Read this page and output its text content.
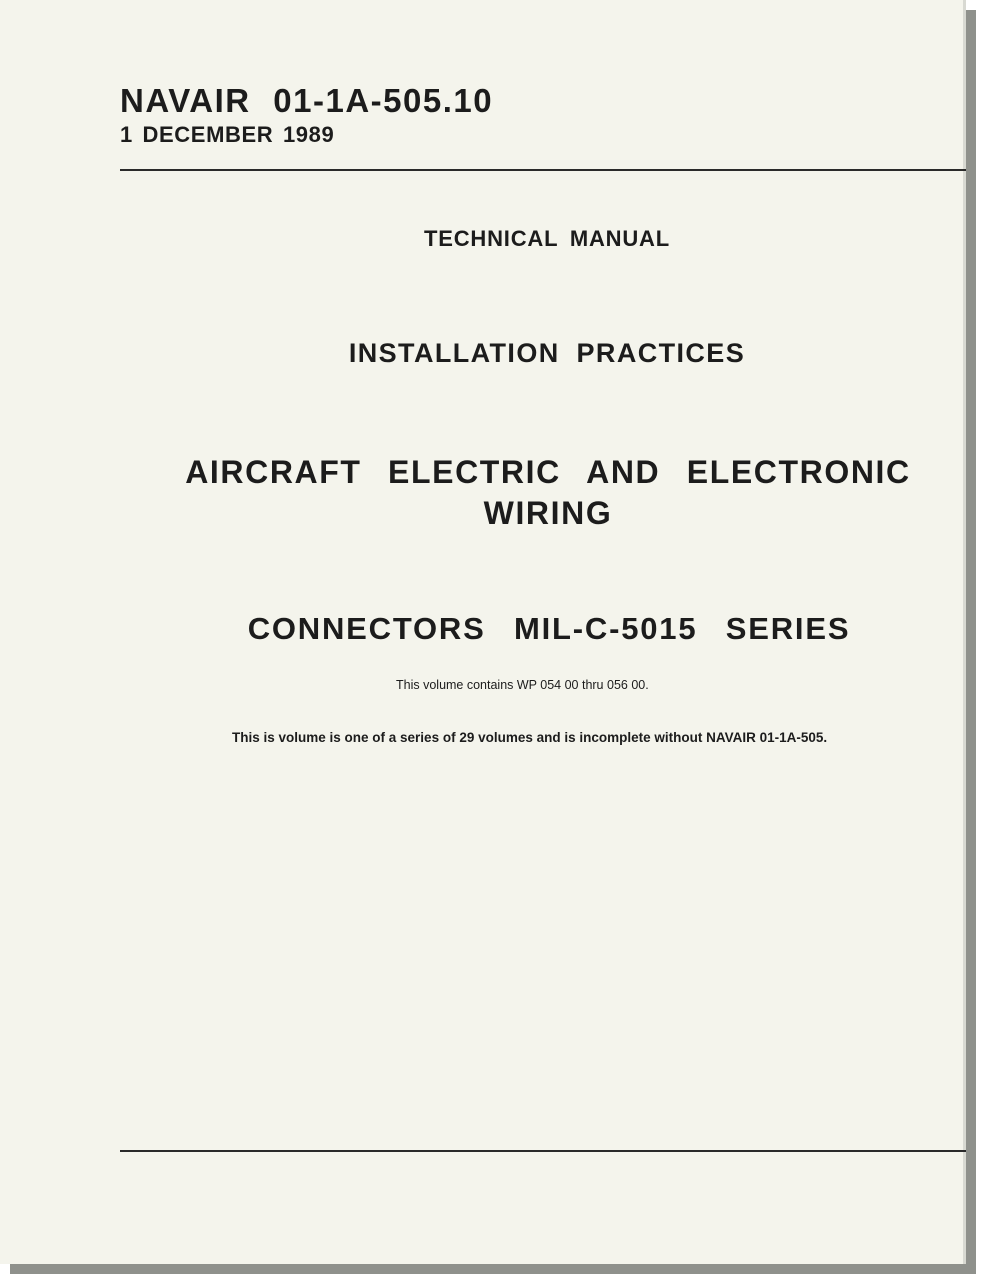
NAVAIR 01-1A-505.10
1 DECEMBER 1989
TECHNICAL MANUAL
INSTALLATION PRACTICES
AIRCRAFT ELECTRIC AND ELECTRONIC
WIRING
CONNECTORS MIL-C-5015 SERIES
This volume contains WP 054 00 thru 056 00.
This is volume is one of a series of 29 volumes and is incomplete without NAVAIR 01-1A-505.
